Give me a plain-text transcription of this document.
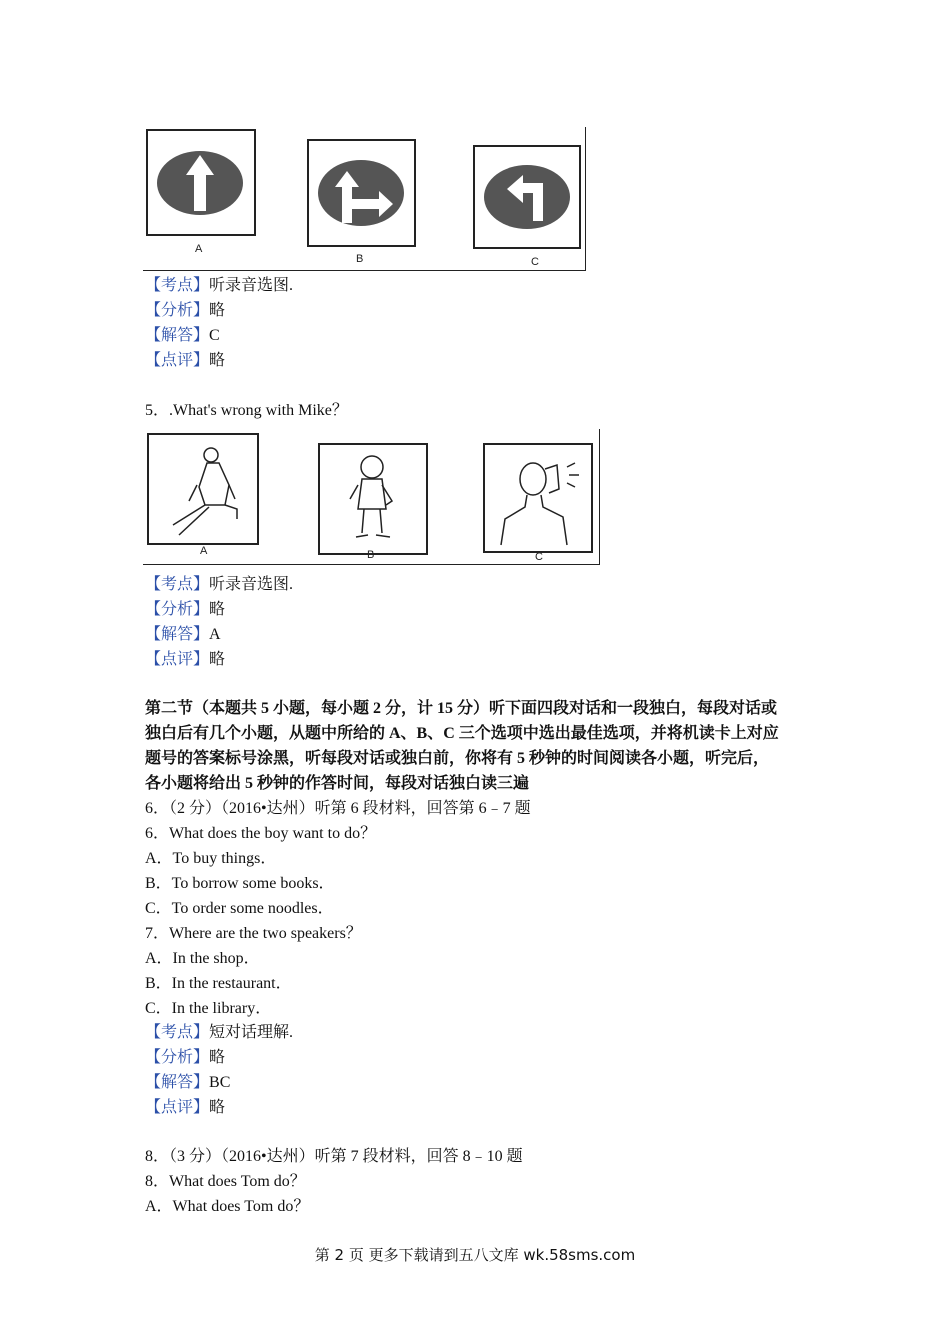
A
B	C
【考点】听录音选图.
【分析】略
【解答】C
【点评】略
5．.What's wrong with Mike？
A	B	C
【考点】听录音选图.
【分析】略
【解答】A
【点评】略
第二节（本题共 5 小题，每小题 2 分，计 15 分）听下面四段对话和一段独白，每段对话或
独白后有几个小题，从题中所给的 A、B、C 三个选项中选出最佳选项，并将机读卡上对应
题号的答案标号涂黑，听每段对话或独白前，你将有 5 秒钟的时间阅读各小题，听完后，
各小题将给出 5 秒钟的作答时间，每段对话独白读三遍
6．（2 分）（2016•达州）听第 6 段材料，回答第 6﹣7 题
6．What does the boy want to do？
A．To buy things．
B．To borrow some books．
C．To order some noodles．
7．Where are the two speakers？
A．In the shop．
B．In the restaurant．
C．In the library．
【考点】短对话理解.
【分析】略
【解答】BC
【点评】略
8．（3 分）（2016•达州）听第 7 段材料，回答 8﹣10 题
8．What does Tom do？
A．What does Tom do？
第 2 页 更多下载请到五八文库 wk.58sms.com
